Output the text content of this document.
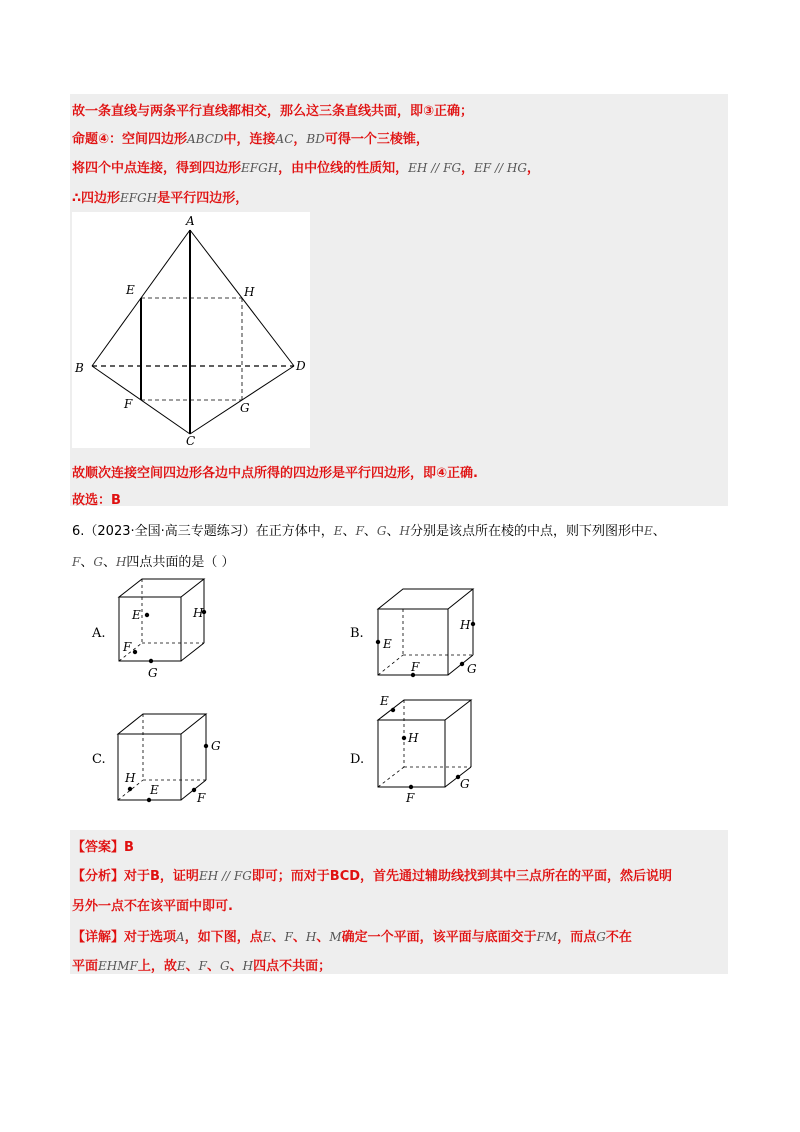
故一条直线与两条平行直线都相交，那么这三条直线共面，即③正确；
命题④：空间四边形ABCD中，连接AC，BD可得一个三棱锥，
将四个中点连接，得到四边形EFGH，由中位线的性质知，EH // FG，EF // HG，
∴四边形EFGH是平行四边形，
A
B
C
D
E
F	G
H
故顺次连接空间四边形各边中点所得的四边形是平行四边形，即④正确.
故选：B
6.（2023·全国·高三专题练习）在正方体中，E、F、G、H分别是该点所在棱的中点，则下列图形中E、
F、G、H四点共面的是（ ）
A.	B.
C.	D.
E	H
F
G
E
H
F	G
G
H
E
F
E
H
F
G
【答案】B
【分析】对于B，证明EH // FG即可；而对于BCD，首先通过辅助线找到其中三点所在的平面，然后说明
另外一点不在该平面中即可.
【详解】对于选项A，如下图，点E、F、H、M确定一个平面，该平面与底面交于FM，而点G不在
平面EHMF上，故E、F、G、H四点不共面；
